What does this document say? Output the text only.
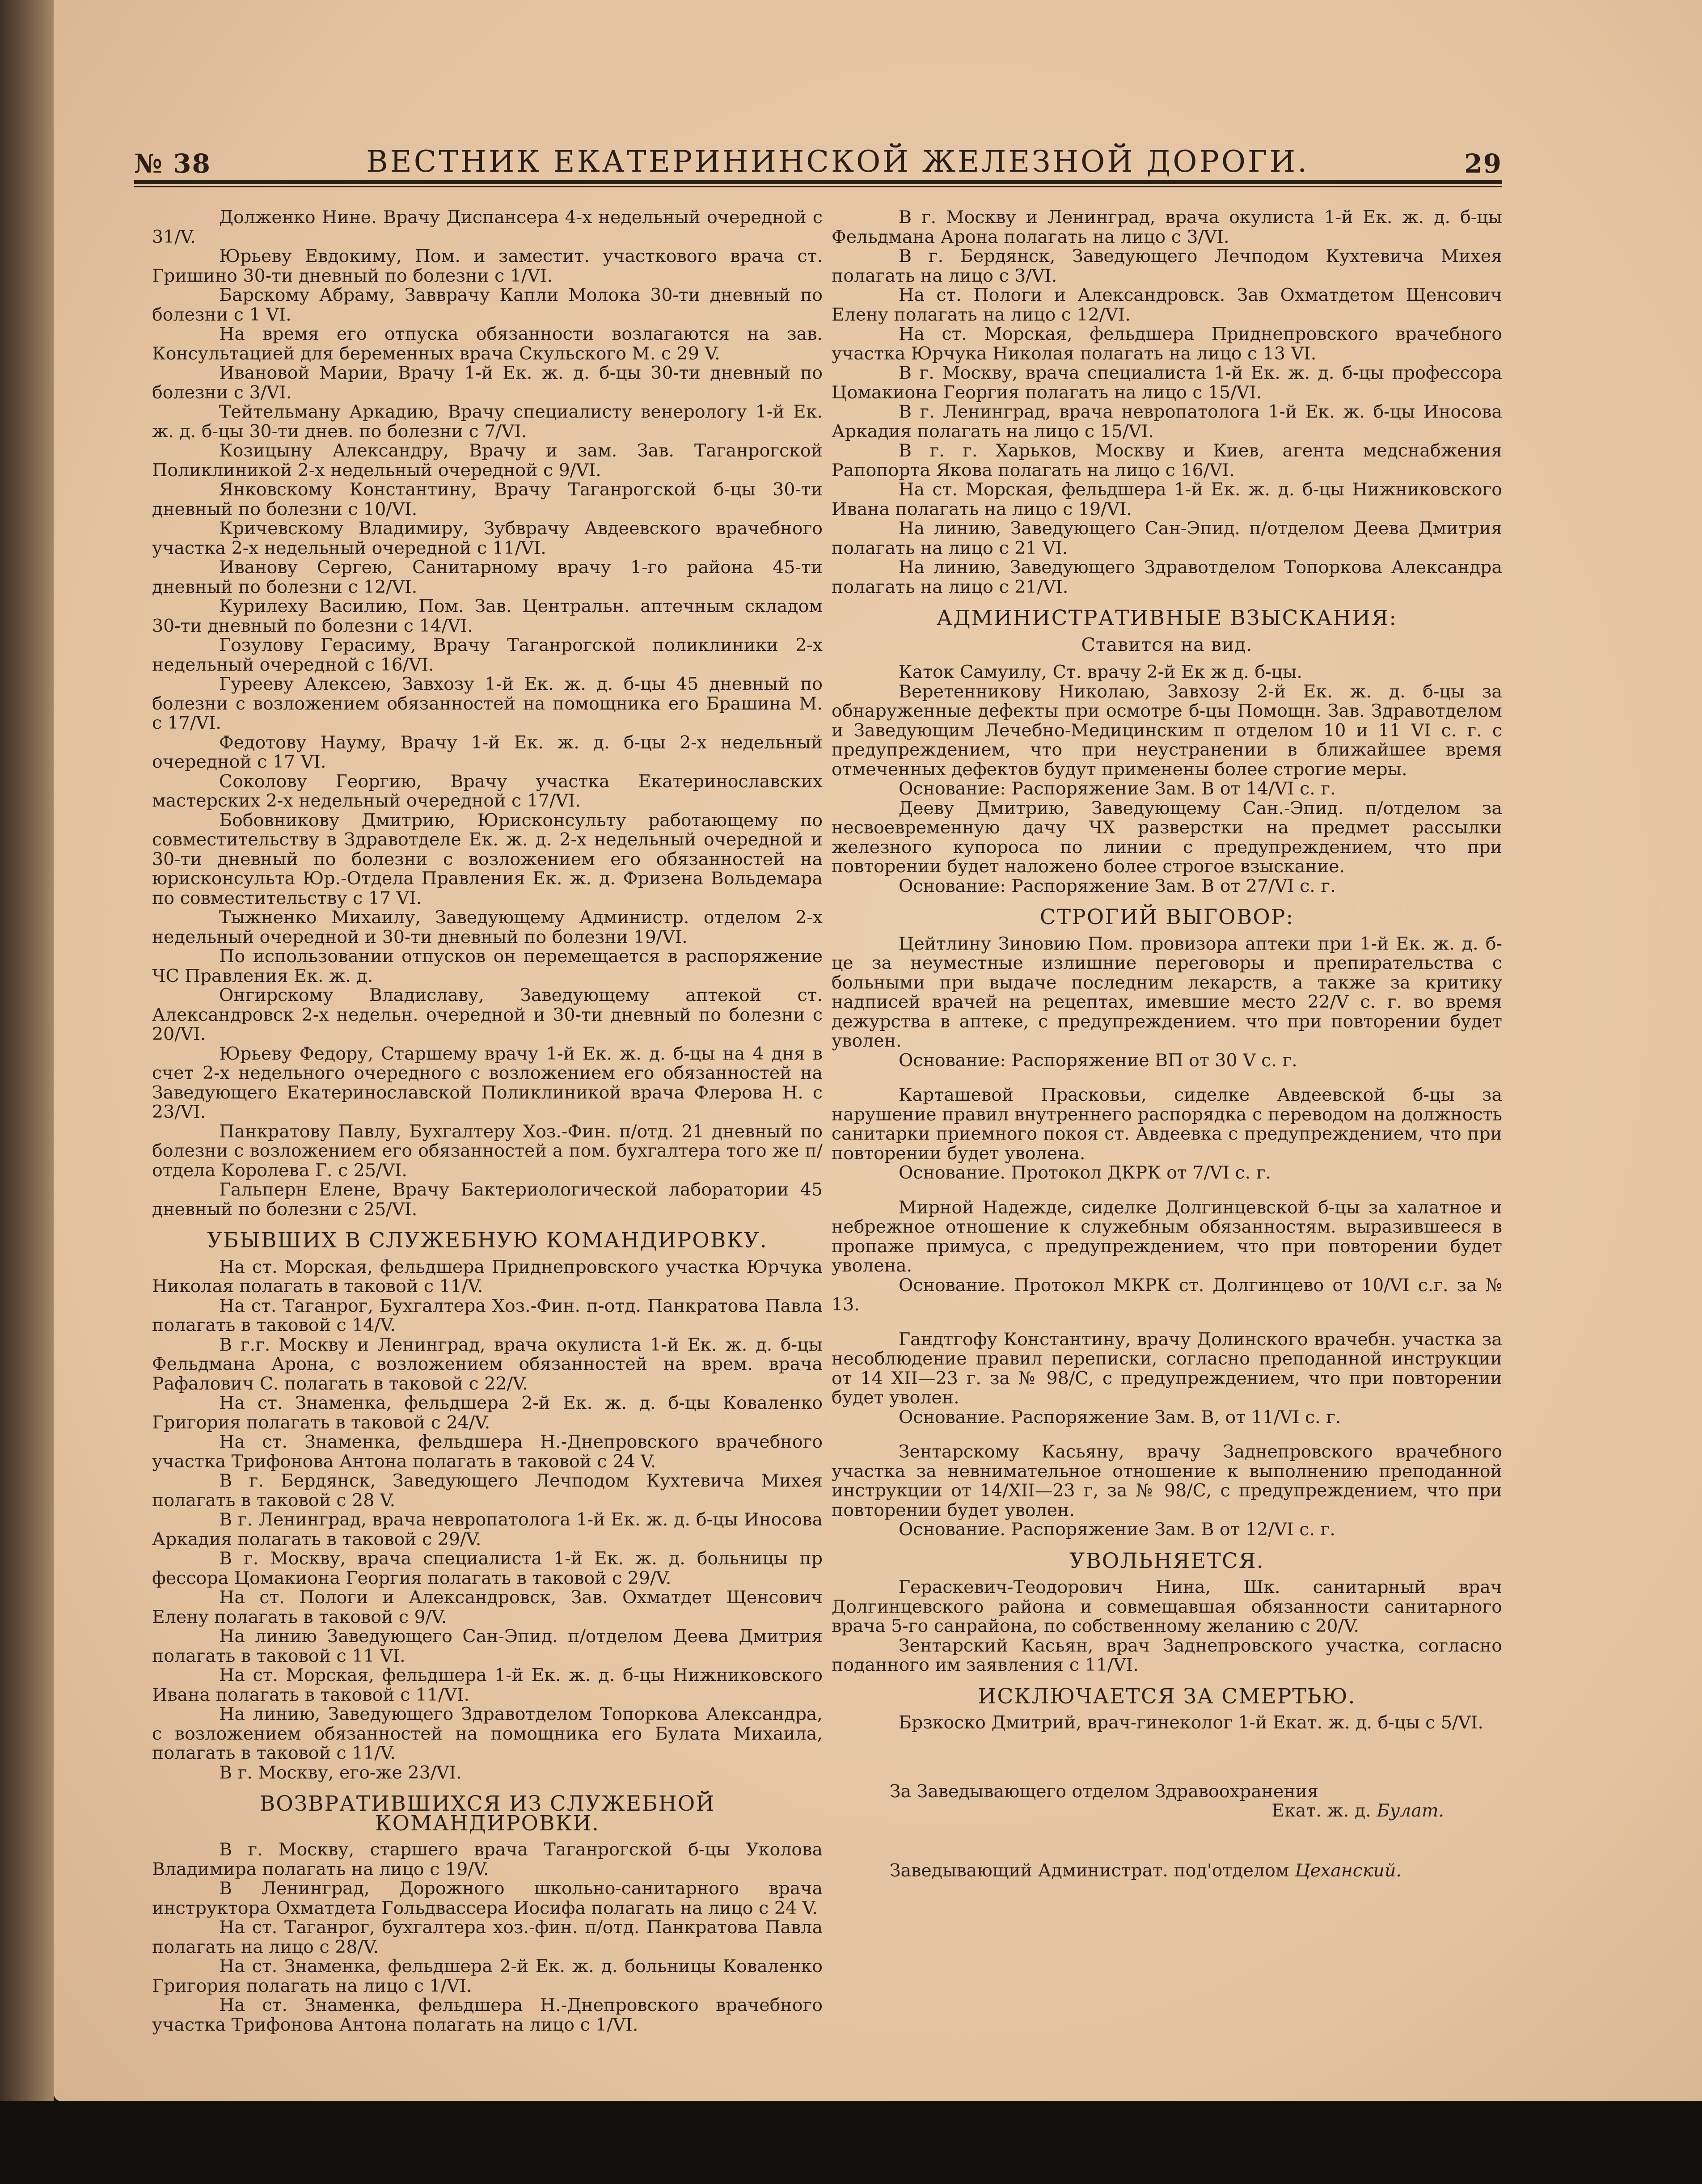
№ 38	ВЕСТНИК ЕКАТЕРИНИНСКОЙ ЖЕЛЕЗНОЙ ДОРОГИ.	29

Долженко Нине. Врачу Диспансера 4-х недельный очередной с 31/V.

Юрьеву Евдокиму, Пом. и заместит. участкового врача ст. Гришино 30-ти дневный по болезни с 1/VI.

Барскому Абраму, Завврачу Капли Молока 30-ти дневный по болезни с 1 VI.

На время его отпуска обязанности возлагаются на зав. Консультацией для беременных врача Скульского М. с 29 V.

Ивановой Марии, Врачу 1-й Ек. ж. д. б-цы 30-ти дневный по болезни с 3/VI.

Тейтельману Аркадию, Врачу специалисту венерологу 1-й Ек. ж. д. б-цы 30-ти днев. по болезни с 7/VI.

Козицыну Александру, Врачу и зам. Зав. Таганрогской Поликлиникой 2-х недельный очередной с 9/VI.

Янковскому Константину, Врачу Таганрогской б-цы 30-ти дневный по болезни с 10/VI.

Кричевскому Владимиру, Зубврачу Авдеевского врачебного участка 2-х недельный очередной с 11/VI.

Иванову Сергею, Санитарному врачу 1-го района 45-ти дневный по болезни с 12/VI.

Курилеху Василию, Пом. Зав. Центральн. аптечным складом 30-ти дневный по болезни с 14/VI.

Гозулову Герасиму, Врачу Таганрогской поликлиники 2-х недельный очередной с 16/VI.

Гурееву Алексею, Завхозу 1-й Ек. ж. д. б-цы 45 дневный по болезни с возложением обязанностей на помощника его Брашина М. с 17/VI.

Федотову Науму, Врачу 1-й Ек. ж. д. б-цы 2-х недельный очередной с 17 VI.

Соколову Георгию, Врачу участка Екатеринославских мастерских 2-х недельный очередной с 17/VI.

Бобовникову Дмитрию, Юрисконсульту работающему по совместительству в Здравотделе Ек. ж. д. 2-х недельный очередной и 30-ти дневный по болезни с возложением его обязанностей на юрисконсульта Юр.-Отдела Правления Ек. ж. д. Фризена Вольдемара по совместительству с 17 VI.

Тыжненко Михаилу, Заведующему Администр. отделом 2-х недельный очередной и 30-ти дневный по болезни 19/VI.

По использовании отпусков он перемещается в распоряжение ЧС Правления Ек. ж. д.

Онгирскому Владиславу, Заведующему аптекой ст. Александровск 2-х недельн. очередной и 30-ти дневный по болезни с 20/VI.

Юрьеву Федору, Старшему врачу 1-й Ек. ж. д. б-цы на 4 дня в счет 2-х недельного очередного с возложением его обязанностей на Заведующего Екатеринославской Поликлиникой врача Флерова Н. с 23/VI.

Панкратову Павлу, Бухгалтеру Хоз.-Фин. п/отд. 21 дневный по болезни с возложением его обязанностей а пом. бухгалтера того же п/отдела Королева Г. с 25/VI.

Гальперн Елене, Врачу Бактериологической лаборатории 45 дневный по болезни с 25/VI.

УБЫВШИХ В СЛУЖЕБНУЮ КОМАНДИРОВКУ.

На ст. Морская, фельдшера Приднепровского участка Юрчука Николая полагать в таковой с 11/V.

На ст. Таганрог, Бухгалтера Хоз.-Фин. п-отд. Панкратова Павла полагать в таковой с 14/V.

В г.г. Москву и Ленинград, врача окулиста 1-й Ек. ж. д. б-цы Фельдмана Арона, с возложением обязанностей на врем. врача Рафалович С. полагать в таковой с 22/V.

На ст. Знаменка, фельдшера 2-й Ек. ж. д. б-цы Коваленко Григория полагать в таковой с 24/V.

На ст. Знаменка, фельдшера Н.-Днепровского врачебного участка Трифонова Антона полагать в таковой с 24 V.

В г. Бердянск, Заведующего Лечподом Кухтевича Михея полагать в таковой с 28 V.

В г. Ленинград, врача невропатолога 1-й Ек. ж. д. б-цы Иносова Аркадия полагать в таковой с 29/V.

В г. Москву, врача специалиста 1-й Ек. ж. д. больницы пр фессора Цомакиона Георгия полагать в таковой с 29/V.

На ст. Пологи и Александровск, Зав. Охматдет Щенсович Елену полагать в таковой с 9/V.

На линию Заведующего Сан-Эпид. п/отделом Деева Дмитрия полагать в таковой с 11 VI.

На ст. Морская, фельдшера 1-й Ек. ж. д. б-цы Нижниковского Ивана полагать в таковой с 11/VI.

На линию, Заведующего Здравотделом Топоркова Александра, с возложением обязанностей на помощника его Булата Михаила, полагать в таковой с 11/V.

В г. Москву, его-же 23/VI.

ВОЗВРАТИВШИХСЯ ИЗ СЛУЖЕБНОЙ КОМАНДИРОВКИ.

В г. Москву, старшего врача Таганрогской б-цы Уколова Владимира полагать на лицо с 19/V.

В Ленинград, Дорожного школьно-санитарного врача инструктора Охматдета Гольдвассера Иосифа полагать на лицо с 24 V.

На ст. Таганрог, бухгалтера хоз.-фин. п/отд. Панкратова Павла полагать на лицо с 28/V.

На ст. Знаменка, фельдшера 2-й Ек. ж. д. больницы Коваленко Григория полагать на лицо с 1/VI.

На ст. Знаменка, фельдшера Н.-Днепровского врачебного участка Трифонова Антона полагать на лицо с 1/VI.

В г. Москву и Ленинград, врача окулиста 1-й Ек. ж. д. б-цы Фельдмана Арона полагать на лицо с 3/VI.

В г. Бердянск, Заведующего Лечподом Кухтевича Михея полагать на лицо с 3/VI.

На ст. Пологи и Александровск. Зав Охматдетом Щенсович Елену полагать на лицо с 12/VI.

На ст. Морская, фельдшера Приднепровского врачебного участка Юрчука Николая полагать на лицо с 13 VI.

В г. Москву, врача специалиста 1-й Ек. ж. д. б-цы профессора Цомакиона Георгия полагать на лицо с 15/VI.

В г. Ленинград, врача невропатолога 1-й Ек. ж. б-цы Иносова Аркадия полагать на лицо с 15/VI.

В г. г. Харьков, Москву и Киев, агента медснабжения Рапопорта Якова полагать на лицо с 16/VI.

На ст. Морская, фельдшера 1-й Ек. ж. д. б-цы Нижниковского Ивана полагать на лицо с 19/VI.

На линию, Заведующего Сан-Эпид. п/отделом Деева Дмитрия полагать на лицо с 21 VI.

На линию, Заведующего Здравотделом Топоркова Александра полагать на лицо с 21/VI.

АДМИНИСТРАТИВНЫЕ ВЗЫСКАНИЯ:
Ставится на вид.

Каток Самуилу, Ст. врачу 2-й Ек ж д. б-цы.

Веретенникову Николаю, Завхозу 2-й Ек. ж. д. б-цы за обнаруженные дефекты при осмотре б-цы Помощн. Зав. Здравотделом и Заведующим Лечебно-Медицинским п отделом 10 и 11 VI с. г. с предупреждением, что при неустранении в ближайшее время отмеченных дефектов будут применены более строгие меры.

Основание: Распоряжение Зам. В от 14/VI с. г.

Дееву Дмитрию, Заведующему Сан.-Эпид. п/отделом за несвоевременную дачу ЧХ разверстки на предмет рассылки железного купороса по линии с предупреждением, что при повторении будет наложено более строгое взыскание.

Основание: Распоряжение Зам. В от 27/VI с. г.

СТРОГИЙ ВЫГОВОР:

Цейтлину Зиновию Пом. провизора аптеки при 1-й Ек. ж. д. б-це за неуместные излишние переговоры и препирательства с больными при выдаче последним лекарств, а также за критику надписей врачей на рецептах, имевшие место 22/V с. г. во время дежурства в аптеке, с предупреждением. что при повторении будет уволен.

Основание: Распоряжение ВП от 30 V с. г.

Карташевой Прасковьи, сиделке Авдеевской б-цы за нарушение правил внутреннего распорядка с переводом на должность санитарки приемного покоя ст. Авдеевка с предупреждением, что при повторении будет уволена.

Основание. Протокол ДКРК от 7/VI с. г.

Мирной Надежде, сиделке Долгинцевской б-цы за халатное и небрежное отношение к служебным обязанностям. выразившееся в пропаже примуса, с предупреждением, что при повторении будет уволена.

Основание. Протокол МКРК ст. Долгинцево от 10/VI с.г. за № 13.

Гандтгофу Константину, врачу Долинского врачебн. участка за несоблюдение правил переписки, согласно преподанной инструкции от 14 XII—23 г. за № 98/С, с предупреждением, что при повторении будет уволен.

Основание. Распоряжение Зам. В, от 11/VI с. г.

Зентарскому Касьяну, врачу Заднепровского врачебного участка за невнимательное отношение к выполнению преподанной инструкции от 14/XII—23 г, за № 98/С, с предупреждением, что при повторении будет уволен.

Основание. Распоряжение Зам. В от 12/VI с. г.

УВОЛЬНЯЕТСЯ.

Гераскевич-Теодорович Нина, Шк. санитарный врач Долгинцевского района и совмещавшая обязанности санитарного врача 5-го санрайона, по собственному желанию с 20/V.

Зентарский Касьян, врач Заднепровского участка, согласно поданного им заявления с 11/VI.

ИСКЛЮЧАЕТСЯ ЗА СМЕРТЬЮ.

Брзкоско Дмитрий, врач-гинеколог 1-й Екат. ж. д. б-цы с 5/VI.

За Заведывающего отделом Здравоохранения
Екат. ж. д. Булат.
Заведывающий Администрат. под'отделом Цеханский.
